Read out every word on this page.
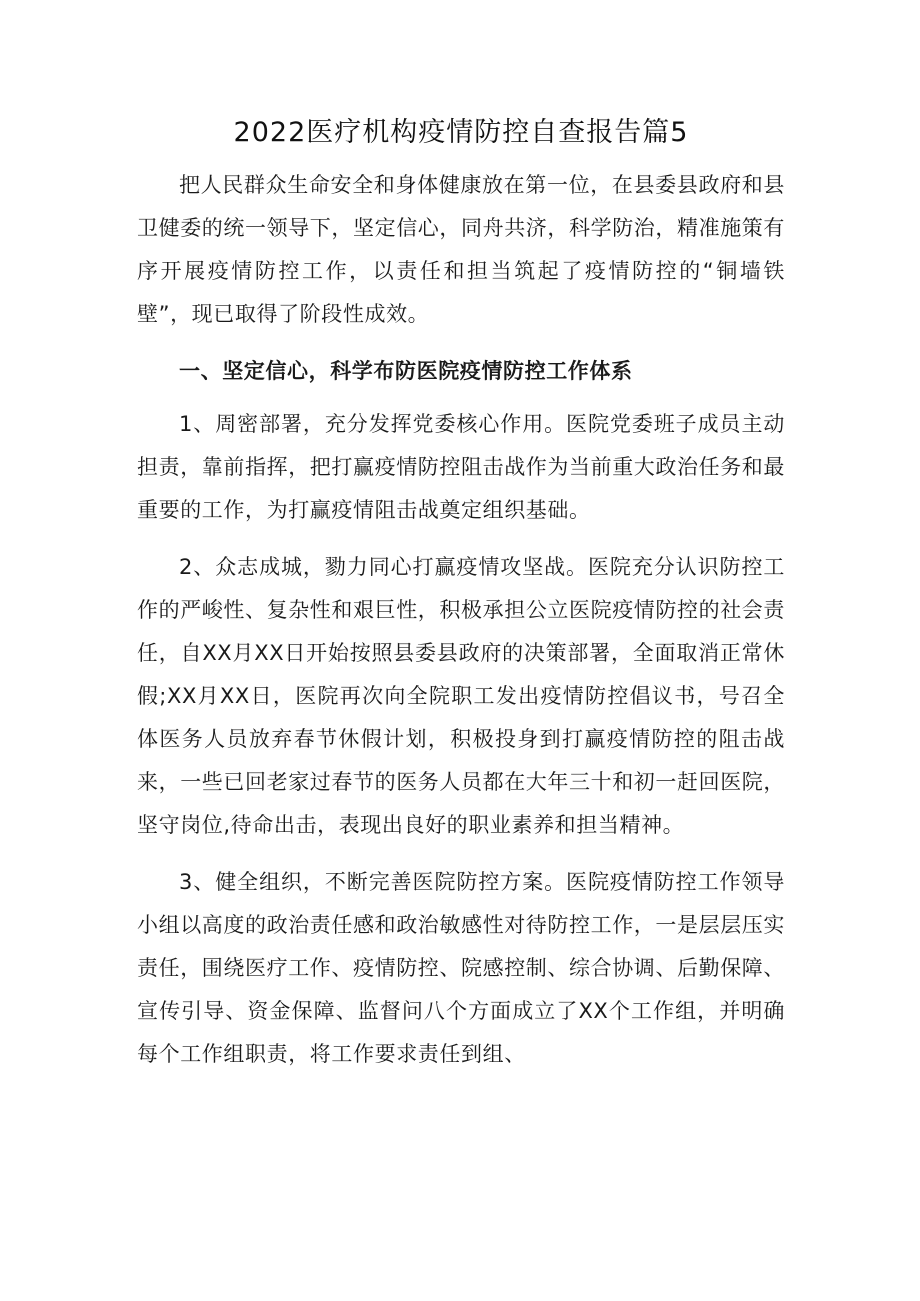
2022医疗机构疫情防控自查报告篇5

把人民群众生命安全和身体健康放在第一位，在县委县政府和县卫健委的统一领导下，坚定信心，同舟共济，科学防治，精准施策有序开展疫情防控工作，以责任和担当筑起了疫情防控的“铜墙铁壁”，现已取得了阶段性成效。

一、坚定信心，科学布防医院疫情防控工作体系

1、周密部署，充分发挥党委核心作用。医院党委班子成员主动担责，靠前指挥，把打赢疫情防控阻击战作为当前重大政治任务和最重要的工作，为打赢疫情阻击战奠定组织基础。

2、众志成城，勠力同心打赢疫情攻坚战。医院充分认识防控工作的严峻性、复杂性和艰巨性，积极承担公立医院疫情防控的社会责任，自XX月XX日开始按照县委县政府的决策部署，全面取消正常休假;XX月XX日，医院再次向全院职工发出疫情防控倡议书，号召全体医务人员放弃春节休假计划，积极投身到打赢疫情防控的阻击战来，一些已回老家过春节的医务人员都在大年三十和初一赶回医院，坚守岗位,待命出击，表现出良好的职业素养和担当精神。

3、健全组织，不断完善医院防控方案。医院疫情防控工作领导小组以高度的政治责任感和政治敏感性对待防控工作，一是层层压实责任，围绕医疗工作、疫情防控、院感控制、综合协调、后勤保障、宣传引导、资金保障、监督问八个方面成立了XX个工作组，并明确每个工作组职责，将工作要求责任到组、
